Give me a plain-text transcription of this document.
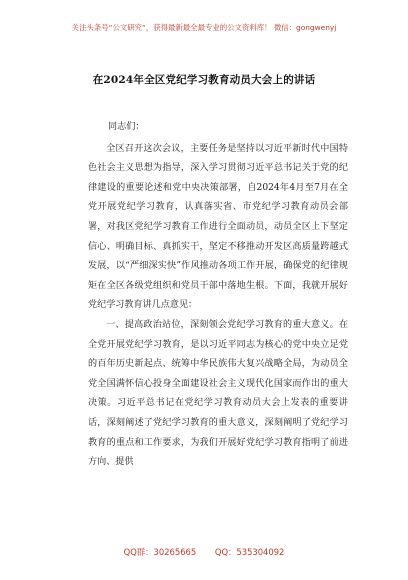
关注头条号“公文研究”，获得最新最全最专业的公文资料库！ 微信：gongwenyj
在2024年全区党纪学习教育动员大会上的讲话

同志们：

全区召开这次会议，主要任务是坚持以习近平新时代中国特色社会主义思想为指导，深入学习贯彻习近平总书记关于党的纪律建设的重要论述和党中央决策部署，自2024年4月至7月在全党开展党纪学习教育，认真落实省、市党纪学习教育动员会部署，对我区党纪学习教育工作进行全面动员，动员全区上下坚定信心、明确目标、真抓实干，坚定不移推动开发区高质量跨越式发展，以“严细深实快”作风推动各项工作开展，确保党的纪律规矩在全区各级党组织和党员干部中落地生根。下面，我就开展好党纪学习教育讲几点意见：

一、提高政治站位，深刻领会党纪学习教育的重大意义。在全党开展党纪学习教育，是以习近平同志为核心的党中央立足党的百年历史新起点、统筹中华民族伟大复兴战略全局，为动员全党全国满怀信心投身全面建设社会主义现代化国家而作出的重大决策。习近平总书记在党纪学习教育动员大会上发表的重要讲话，深刻阐述了党纪学习教育的重大意义，深刻阐明了党纪学习教育的重点和工作要求，为我们开展好党纪学习教育指明了前进方向、提供

QQ群：30265665 QQ：535304092
